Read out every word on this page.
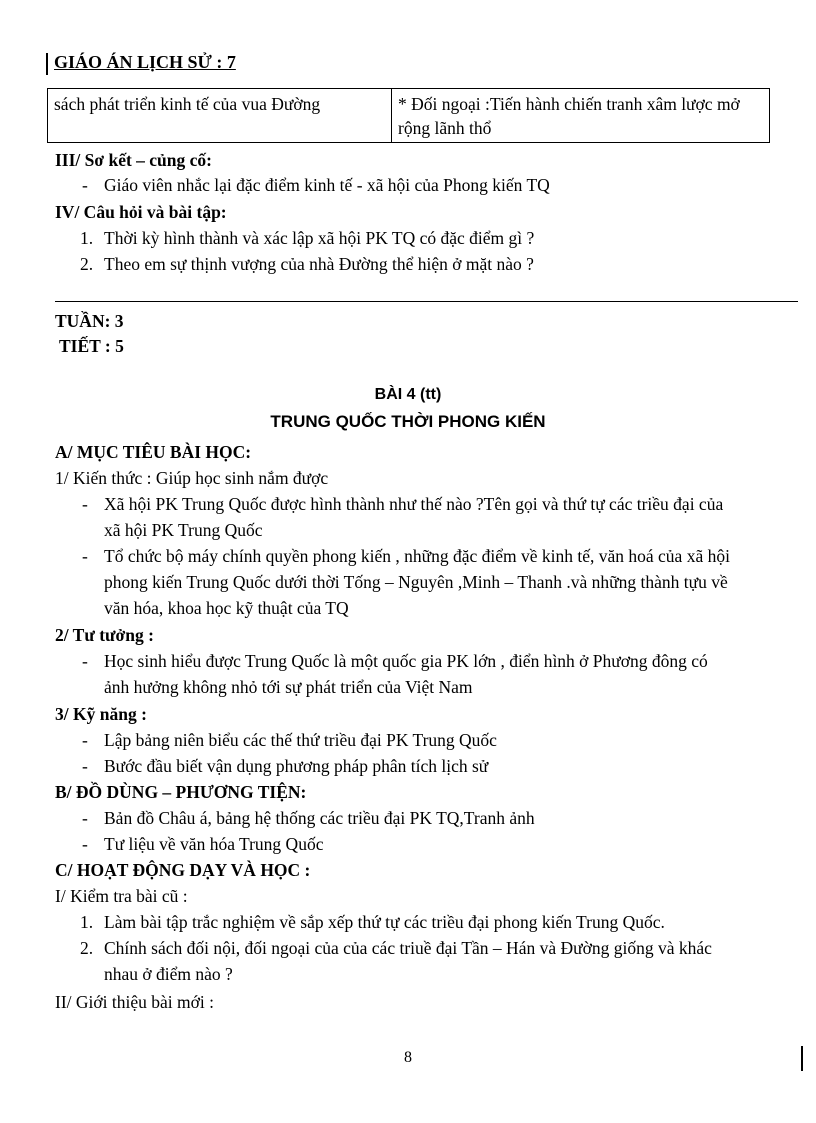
GIÁO ÁN LỊCH SỬ : 7
sách phát triển kinh tế của vua Đường	* Đối ngoại :Tiến hành chiến tranh xâm lược mở rộng lãnh thổ
III/ Sơ kết – củng cố:
- Giáo viên nhắc lại đặc điểm kinh tế - xã hội của Phong kiến TQ
IV/ Câu hỏi và bài tập:
1. Thời kỳ hình thành và xác lập xã hội PK TQ có đặc điểm gì ?
2. Theo em sự thịnh vượng của nhà Đường thể hiện ở mặt nào ?
TUẦN: 3
TIẾT : 5
BÀI 4 (tt)
TRUNG QUỐC THỜI PHONG KIẾN
A/ MỤC TIÊU BÀI HỌC:
1/ Kiến thức : Giúp học sinh nắm được
- Xã hội PK Trung Quốc được hình thành như thế nào ?Tên gọi và thứ tự các triều đại của
xã hội PK Trung Quốc
- Tổ chức bộ máy chính quyền phong kiến , những đặc điểm về kinh tế, văn hoá của xã hội
phong kiến Trung Quốc dưới thời Tống – Nguyên ,Minh – Thanh .và những thành tựu về
văn hóa, khoa học kỹ thuật của TQ
2/ Tư tưởng :
- Học sinh hiểu được Trung Quốc là một quốc gia PK lớn , điển hình ở Phương đông có
ảnh hưởng không nhỏ tới sự phát triển của Việt Nam
3/ Kỹ năng :
- Lập bảng niên biểu các thế thứ triều đại PK Trung Quốc
- Bước đầu biết vận dụng phương pháp phân tích lịch sử
B/ ĐỒ DÙNG – PHƯƠNG TIỆN:
- Bản đồ Châu á, bảng hệ thống các triều đại PK TQ,Tranh ảnh
- Tư liệu về văn hóa Trung Quốc
C/ HOẠT ĐỘNG DẠY VÀ HỌC :
I/ Kiểm tra bài cũ :
1. Làm bài tập trắc nghiệm về sắp xếp thứ tự các triều đại phong kiến Trung Quốc.
2. Chính sách đối nội, đối ngoại của của các triuề đại Tần – Hán và Đường giống và khác
nhau ở điểm nào ?
II/ Giới thiệu bài mới :
8
